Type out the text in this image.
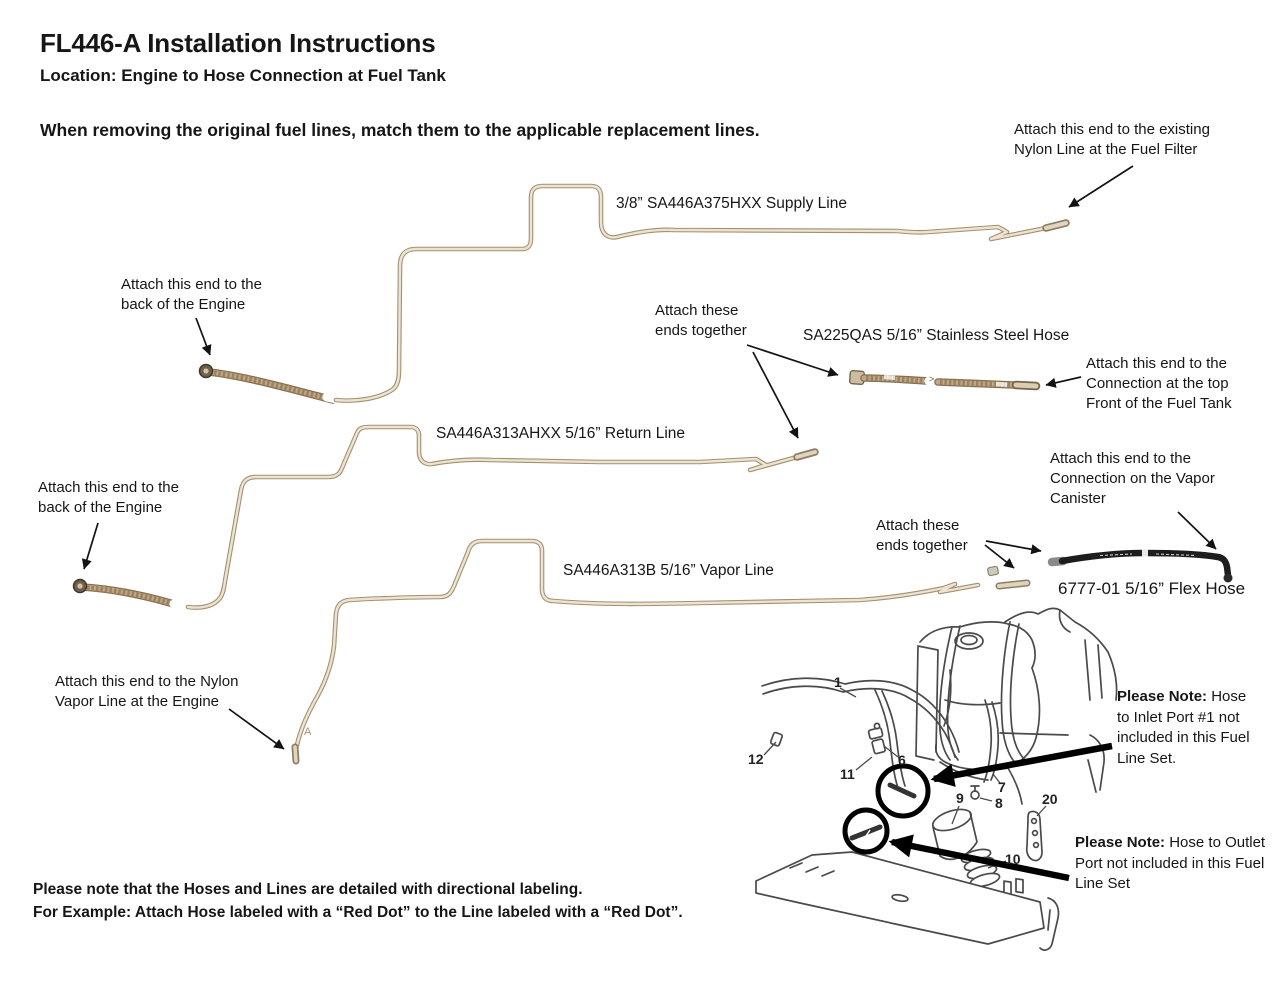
FL446-A Installation Instructions
Location: Engine to Hose Connection at Fuel Tank
When removing the original fuel lines, match them to the applicable replacement lines.
3/8” SA446A375HXX Supply Line
SA225QAS 5/16” Stainless Steel Hose
SA446A313AHXX 5/16” Return Line
SA446A313B 5/16” Vapor Line
6777-01 5/16” Flex Hose
Attach this end to the existing Nylon Line at the Fuel Filter
Attach this end to the back of the Engine	Attach these ends together
Attach this end to the Connection at the top Front of the Fuel Tank
Attach this end to the back of the Engine
Attach this end to the Connection on the Vapor Canister
Attach these ends together
Attach this end to the Nylon Vapor Line at the Engine	Please Note: Hose to Inlet Port #1 not included in this Fuel Line Set.
Please Note: Hose to Outlet Port not included in this Fuel Line Set
Please note that the Hoses and Lines are detailed with directional labeling.
For Example: Attach Hose labeled with a “Red Dot” to the Line labeled with a “Red Dot”.
1
12
11
6
7
8
9
10
20
A
>
